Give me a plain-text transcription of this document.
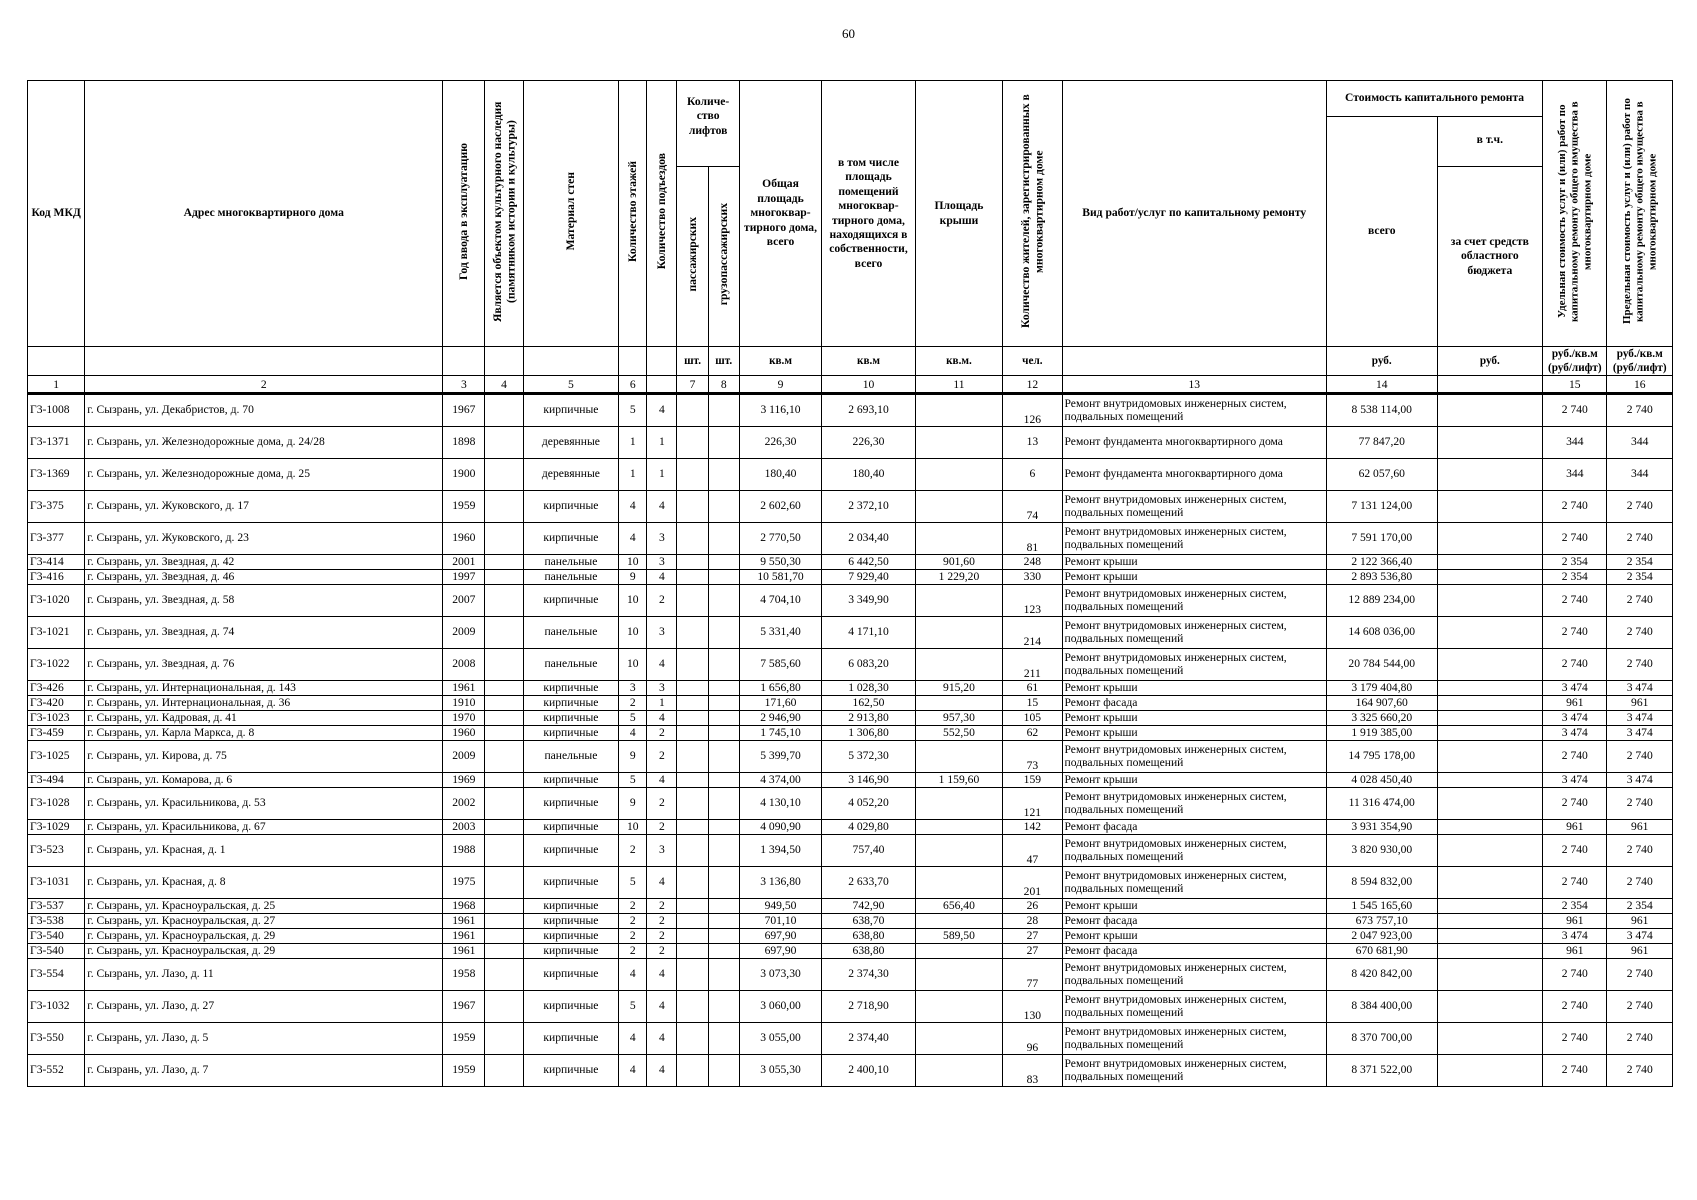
60
Код МКД	Адрес многоквартирного дома	Год ввода в эксплуатацию	Является объектом культурного наследия (памятником истории и культуры)	Материал стен	Количество этажей	Количество подъездов	Количе-ство лифтов		Общая площадь многоквар-тирного дома, всего	в том числе площадь помещений многоквар-тирного дома, находящихся в собственности, всего	Площадь крыши	Количество жителей, зарегистрированных в многоквартирном доме	Вид работ/услуг по капитальному ремонту	Стоимость капитального ремонта		Удельная стоимость услуг и (или) работ по капитальному ремонту общего имущества в многоквартирном доме	Предельная стоимость услуг и (или) работ по капитальному ремонту общего имущества в многоквартирном доме
														всего	в т.ч.		
							пассажирских	грузопассажирских							за счет средств областного бюджета		
							шт.	шт.	кв.м	кв.м	кв.м.	чел.		руб.	руб.	руб./кв.м (руб/лифт)	руб./кв.м (руб/лифт)
1	2	3	4	5	6		7	8	9	10	11	12	13	14		15	16
Г3-1008	г. Сызрань, ул. Декабристов, д. 70	1967		кирпичные	5	4			3 116,10	2 693,10		126	Ремонт внутридомовых инженерных систем, подвальных помещений	8 538 114,00		2 740	2 740
Г3-1371	г. Сызрань, ул. Железнодорожные дома, д. 24/28	1898		деревянные	1	1			226,30	226,30		13	Ремонт фундамента многоквартирного дома	77 847,20		344	344
Г3-1369	г. Сызрань, ул. Железнодорожные дома, д. 25	1900		деревянные	1	1			180,40	180,40		6	Ремонт фундамента многоквартирного дома	62 057,60		344	344
Г3-375	г. Сызрань, ул. Жуковского, д. 17	1959		кирпичные	4	4			2 602,60	2 372,10		74	Ремонт внутридомовых инженерных систем, подвальных помещений	7 131 124,00		2 740	2 740
Г3-377	г. Сызрань, ул. Жуковского, д. 23	1960		кирпичные	4	3			2 770,50	2 034,40		81	Ремонт внутридомовых инженерных систем, подвальных помещений	7 591 170,00		2 740	2 740
Г3-414	г. Сызрань, ул. Звездная, д. 42	2001		панельные	10	3			9 550,30	6 442,50	901,60	248	Ремонт крыши	2 122 366,40		2 354	2 354
Г3-416	г. Сызрань, ул. Звездная, д. 46	1997		панельные	9	4			10 581,70	7 929,40	1 229,20	330	Ремонт крыши	2 893 536,80		2 354	2 354
Г3-1020	г. Сызрань, ул. Звездная, д. 58	2007		кирпичные	10	2			4 704,10	3 349,90		123	Ремонт внутридомовых инженерных систем, подвальных помещений	12 889 234,00		2 740	2 740
Г3-1021	г. Сызрань, ул. Звездная, д. 74	2009		панельные	10	3			5 331,40	4 171,10		214	Ремонт внутридомовых инженерных систем, подвальных помещений	14 608 036,00		2 740	2 740
Г3-1022	г. Сызрань, ул. Звездная, д. 76	2008		панельные	10	4			7 585,60	6 083,20		211	Ремонт внутридомовых инженерных систем, подвальных помещений	20 784 544,00		2 740	2 740
Г3-426	г. Сызрань, ул. Интернациональная, д. 143	1961		кирпичные	3	3			1 656,80	1 028,30	915,20	61	Ремонт крыши	3 179 404,80		3 474	3 474
Г3-420	г. Сызрань, ул. Интернациональная, д. 36	1910		кирпичные	2	1			171,60	162,50		15	Ремонт фасада	164 907,60		961	961
Г3-1023	г. Сызрань, ул. Кадровая, д. 41	1970		кирпичные	5	4			2 946,90	2 913,80	957,30	105	Ремонт крыши	3 325 660,20		3 474	3 474
Г3-459	г. Сызрань, ул. Карла Маркса, д. 8	1960		кирпичные	4	2			1 745,10	1 306,80	552,50	62	Ремонт крыши	1 919 385,00		3 474	3 474
Г3-1025	г. Сызрань, ул. Кирова, д. 75	2009		панельные	9	2			5 399,70	5 372,30		73	Ремонт внутридомовых инженерных систем, подвальных помещений	14 795 178,00		2 740	2 740
Г3-494	г. Сызрань, ул. Комарова, д. 6	1969		кирпичные	5	4			4 374,00	3 146,90	1 159,60	159	Ремонт крыши	4 028 450,40		3 474	3 474
Г3-1028	г. Сызрань, ул. Красильникова, д. 53	2002		кирпичные	9	2			4 130,10	4 052,20		121	Ремонт внутридомовых инженерных систем, подвальных помещений	11 316 474,00		2 740	2 740
Г3-1029	г. Сызрань, ул. Красильникова, д. 67	2003		кирпичные	10	2			4 090,90	4 029,80		142	Ремонт фасада	3 931 354,90		961	961
Г3-523	г. Сызрань, ул. Красная, д. 1	1988		кирпичные	2	3			1 394,50	757,40		47	Ремонт внутридомовых инженерных систем, подвальных помещений	3 820 930,00		2 740	2 740
Г3-1031	г. Сызрань, ул. Красная, д. 8	1975		кирпичные	5	4			3 136,80	2 633,70		201	Ремонт внутридомовых инженерных систем, подвальных помещений	8 594 832,00		2 740	2 740
Г3-537	г. Сызрань, ул. Красноуральская, д. 25	1968		кирпичные	2	2			949,50	742,90	656,40	26	Ремонт крыши	1 545 165,60		2 354	2 354
Г3-538	г. Сызрань, ул. Красноуральская, д. 27	1961		кирпичные	2	2			701,10	638,70		28	Ремонт фасада	673 757,10		961	961
Г3-540	г. Сызрань, ул. Красноуральская, д. 29	1961		кирпичные	2	2			697,90	638,80	589,50	27	Ремонт крыши	2 047 923,00		3 474	3 474
Г3-540	г. Сызрань, ул. Красноуральская, д. 29	1961		кирпичные	2	2			697,90	638,80		27	Ремонт фасада	670 681,90		961	961
Г3-554	г. Сызрань, ул. Лазо, д. 11	1958		кирпичные	4	4			3 073,30	2 374,30		77	Ремонт внутридомовых инженерных систем, подвальных помещений	8 420 842,00		2 740	2 740
Г3-1032	г. Сызрань, ул. Лазо, д. 27	1967		кирпичные	5	4			3 060,00	2 718,90		130	Ремонт внутридомовых инженерных систем, подвальных помещений	8 384 400,00		2 740	2 740
Г3-550	г. Сызрань, ул. Лазо, д. 5	1959		кирпичные	4	4			3 055,00	2 374,40		96	Ремонт внутридомовых инженерных систем, подвальных помещений	8 370 700,00		2 740	2 740
Г3-552	г. Сызрань, ул. Лазо, д. 7	1959		кирпичные	4	4			3 055,30	2 400,10		83	Ремонт внутридомовых инженерных систем, подвальных помещений	8 371 522,00		2 740	2 740
